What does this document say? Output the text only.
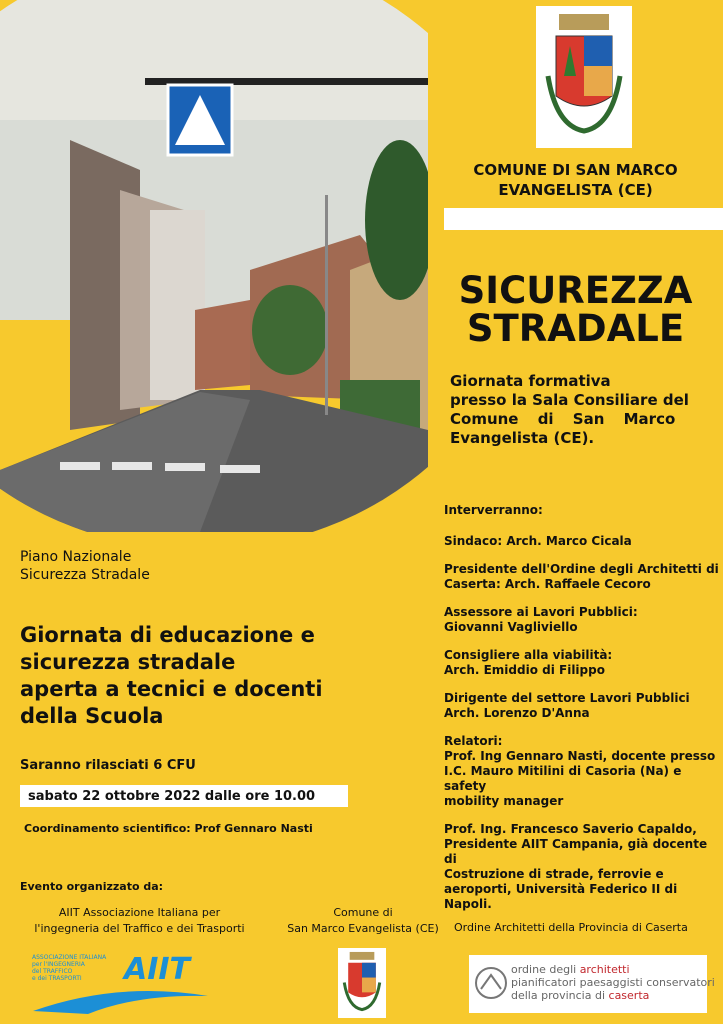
COMUNE DI SAN MARCO
EVANGELISTA (CE)
SICUREZZA
STRADALE
Giornata formativa
presso la Sala Consiliare del
Comune di San Marco
Evangelista (CE).
Interverranno:
Sindaco: Arch. Marco Cicala
Presidente dell'Ordine degli Architetti di
Caserta: Arch. Raffaele Cecoro
Assessore ai Lavori Pubblici:
Giovanni Vagliviello
Consigliere alla viabilità:
Arch. Emiddio di Filippo
Dirigente del settore Lavori Pubblici
Arch. Lorenzo D'Anna
Relatori:
Prof. Ing Gennaro Nasti, docente presso
I.C. Mauro Mitilini di Casoria (Na) e safety
mobility manager
Prof. Ing. Francesco Saverio Capaldo,
Presidente AIIT Campania, già docente di
Costruzione di strade, ferrovie e
aeroporti, Università Federico II di Napoli.
Piano Nazionale
Sicurezza Stradale
Giornata di educazione e
sicurezza stradale
aperta a tecnici e docenti
della Scuola
Saranno rilasciati 6 CFU
sabato 22 ottobre 2022 dalle ore 10.00
Coordinamento scientifico: Prof Gennaro Nasti
Evento organizzato da:
AIIT Associazione Italiana per
l'ingegneria del Traffico e dei Trasporti
Comune di
San Marco Evangelista (CE)	Ordine Architetti della Provincia di Caserta
ASSOCIAZIONE ITALIANA
per l'INGEGNERIA
del TRAFFICO
e dei TRASPORTI	AIIT	ordine degli architetti
pianificatori paesaggisti conservatori
della provincia di caserta
